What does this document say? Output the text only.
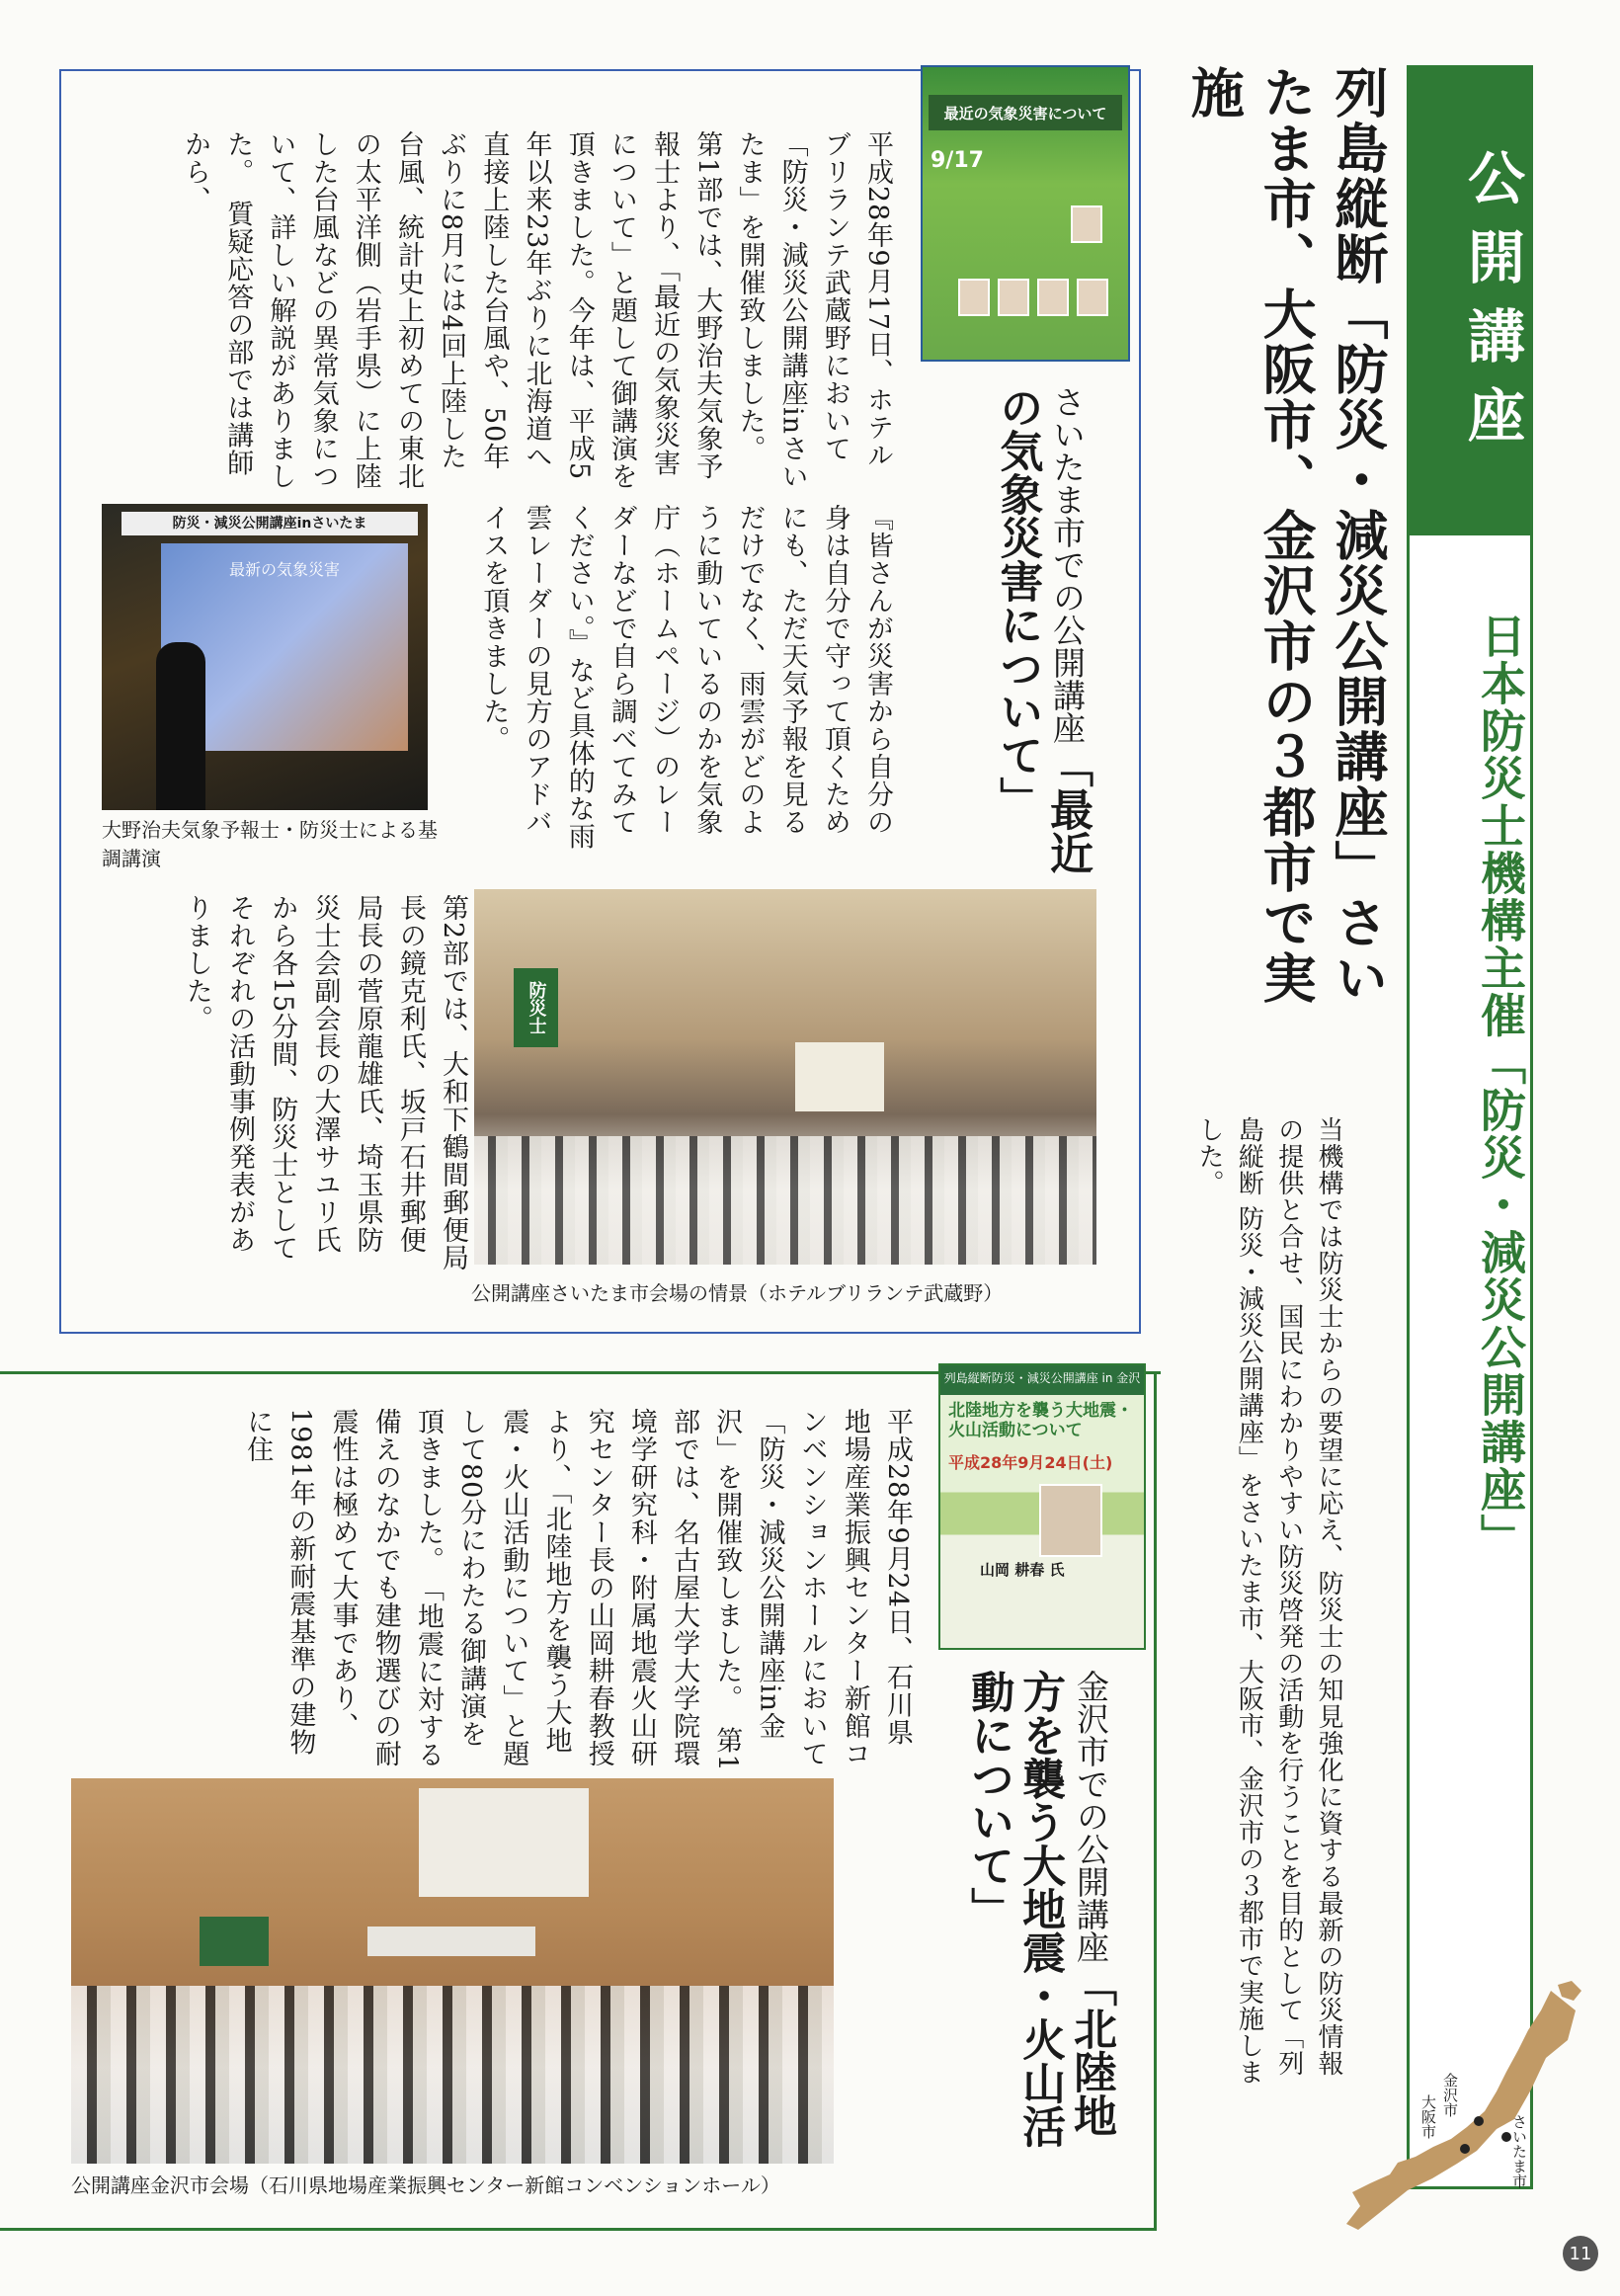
公開講座
日本防災士機構主催「防災・減災公開講座」
列島縦断「防災・減災公開講座」さいたま市、大阪市、金沢市の３都市で実施
当機構では防災士からの要望に応え、防災士の知見強化に資する最新の防災情報の提供と合せ、国民にわかりやすい防災啓発の活動を行うことを目的として「列島縦断 防災・減災公開講座」をさいたま市、大阪市、金沢市の３都市で実施しました。
最近の気象災害について
9/17
さいたま市での公開講座「最近の気象災害について」
平成28年9月17日、ホテルブリランテ武蔵野において「防災・減災公開講座inさいたま」を開催致しました。　第1部では、大野治夫気象予報士より、「最近の気象災害について」と題して御講演を頂きました。今年は、平成5年以来23年ぶりに北海道へ直接上陸した台風や、50年ぶりに8月には4回上陸した台風、統計史上初めての東北の太平洋側（岩手県）に上陸した台風などの異常気象について、詳しい解説がありました。　質疑応答の部では講師から、
『皆さんが災害から自分の身は自分で守って頂くためにも、ただ天気予報を見るだけでなく、雨雲がどのように動いているのかを気象庁（ホームページ）のレーダーなどで自ら調べてみてください。』など具体的な雨雲レーダーの見方のアドバイスを頂きました。
第2部では、大和下鶴間郵便局長の鏡克利氏、坂戸石井郵便局長の菅原龍雄氏、埼玉県防災士会副会長の大澤サユリ氏から各15分間、防災士としてそれぞれの活動事例発表がありました。
防災・減災公開講座inさいたま
最新の気象災害
大野治夫気象予報士・防災士による基調講演
防災士
公開講座さいたま市会場の情景（ホテルブリランテ武蔵野）
列島縦断防災・減災公開講座 in 金沢
北陸地方を襲う大地震・火山活動について
平成28年9月24日(土)
山岡 耕春 氏
金沢市での公開講座「北陸地方を襲う大地震・火山活動について」
平成28年9月24日、石川県地場産業振興センター新館コンベンションホールにおいて「防災・減災公開講座in金沢」を開催致しました。　第1部では、名古屋大学大学院環境学研究科・附属地震火山研究センター長の山岡耕春教授より、「北陸地方を襲う大地震・火山活動について」と題して80分にわたる御講演を頂きました。　「地震に対する備えのなかでも建物選びの耐震性は極めて大事であり、1981年の新耐震基準の建物に住
公開講座金沢市会場（石川県地場産業振興センター新館コンベンションホール）
金沢市
大阪市	さいたま市
11
